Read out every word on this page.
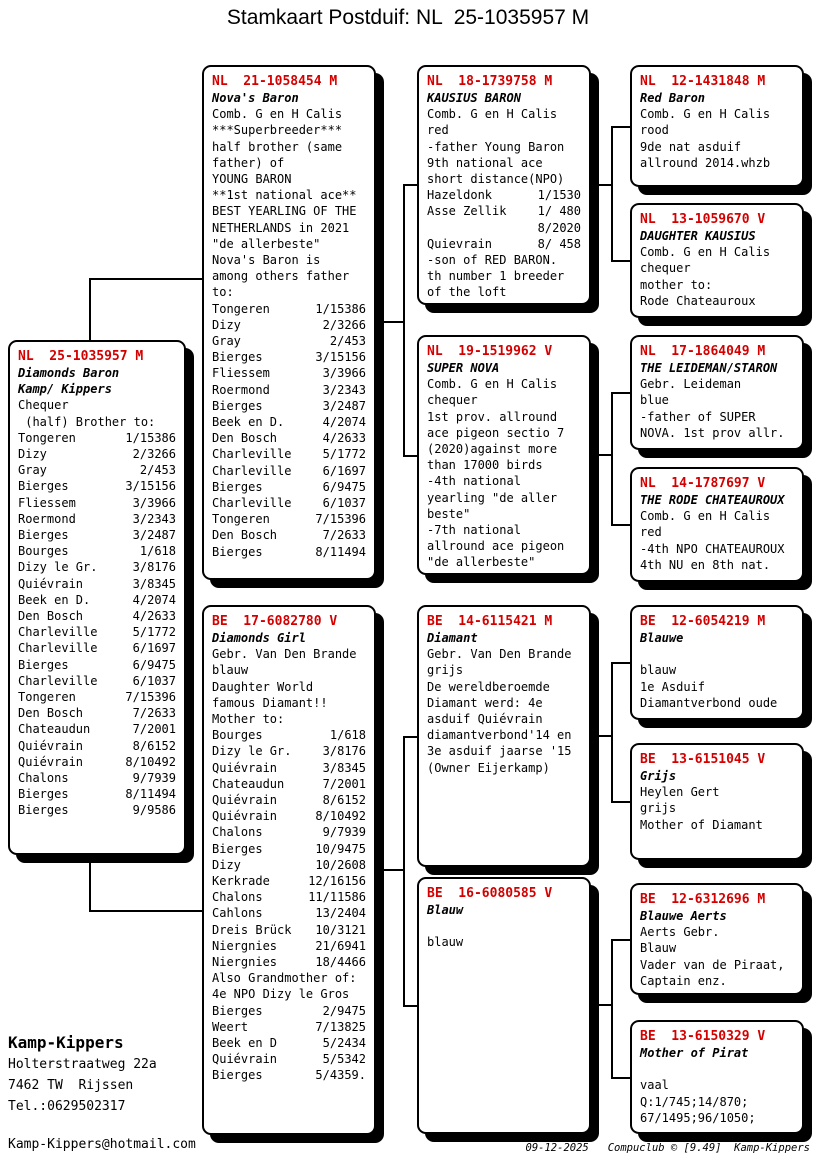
Stamkaart Postduif: NL  25-1035957 M
NL  25-1035957 M
Diamonds Baron
Kamp/ Kippers
Chequer
(half) Brother to:
Tongeren	1/15386
Dizy	2/3266
Gray	2/453
Bierges	3/15156
Fliessem	3/3966
Roermond	3/2343
Bierges	3/2487
Bourges	1/618
Dizy le Gr.	3/8176
Quiévrain	3/8345
Beek en D.	4/2074
Den Bosch	4/2633
Charleville	5/1772
Charleville	6/1697
Bierges	6/9475
Charleville	6/1037
Tongeren	7/15396
Den Bosch	7/2633
Chateaudun	7/2001
Quiévrain	8/6152
Quiévrain	8/10492
Chalons	9/7939
Bierges	8/11494
Bierges	9/9586
NL  21-1058454 M
Nova's Baron
Comb. G en H Calis
***Superbreeder***
half brother (same
father) of
YOUNG BARON
**1st national ace**
BEST YEARLING OF THE
NETHERLANDS in 2021
"de allerbeste"
Nova's Baron is
among others father
to:
Tongeren	1/15386
Dizy	2/3266
Gray	2/453
Bierges	3/15156
Fliessem	3/3966
Roermond	3/2343
Bierges	3/2487
Beek en D.	4/2074
Den Bosch	4/2633
Charleville	5/1772
Charleville	6/1697
Bierges	6/9475
Charleville	6/1037
Tongeren	7/15396
Den Bosch	7/2633
Bierges	8/11494
BE  17-6082780 V
Diamonds Girl
Gebr. Van Den Brande
blauw
Daughter World
famous Diamant!!
Mother to:
Bourges	1/618
Dizy le Gr.	3/8176
Quiévrain	3/8345
Chateaudun	7/2001
Quiévrain	8/6152
Quiévrain	8/10492
Chalons	9/7939
Bierges	10/9475
Dizy	10/2608
Kerkrade	12/16156
Chalons	11/11586
Cahlons	13/2404
Dreis Brück 10/3121
Niergnies	21/6941
Niergnies	18/4466
Also Grandmother of:
4e NPO Dizy le Gros
Bierges	2/9475
Weert	7/13825
Beek en D	5/2434
Quiévrain	5/5342
Bierges	5/4359.
NL  18-1739758 M
KAUSIUS BARON
Comb. G en H Calis
red
-father Young Baron
9th national ace
short distance(NPO)
Hazeldonk	1/1530
Asse Zellik	1/ 480
8/2020
Quievrain	8/ 458
-son of RED BARON.
th number 1 breeder
of the loft
NL  19-1519962 V
SUPER NOVA
Comb. G en H Calis
chequer
1st prov. allround
ace pigeon sectio 7
(2020)against more
than 17000 birds
-4th national
yearling "de aller
beste"
-7th national
allround ace pigeon
"de allerbeste"
BE  14-6115421 M
Diamant
Gebr. Van Den Brande
grijs
De wereldberoemde
Diamant werd: 4e
asduif Quiévrain
diamantverbond'14 en
3e asduif jaarse '15
(Owner Eijerkamp)
BE  16-6080585 V
Blauw

blauw
NL  12-1431848 M
Red Baron
Comb. G en H Calis
rood
9de nat asduif
allround 2014.whzb
NL  13-1059670 V
DAUGHTER KAUSIUS
Comb. G en H Calis
chequer
mother to:
Rode Chateauroux
NL  17-1864049 M
THE LEIDEMAN/STARON
Gebr. Leideman
blue
-father of SUPER
NOVA. 1st prov allr.
NL  14-1787697 V
THE RODE CHATEAUROUX
Comb. G en H Calis
red
-4th NPO CHATEAUROUX
4th NU en 8th nat.
BE  12-6054219 M
Blauwe

blauw
1e Asduif
Diamantverbond oude
BE  13-6151045 V
Grijs
Heylen Gert
grijs
Mother of Diamant
BE  12-6312696 M
Blauwe Aerts
Aerts Gebr.
Blauw
Vader van de Piraat,
Captain enz.
BE  13-6150329 V
Mother of Pirat

vaal
Q:1/745;14/870;
67/1495;96/1050;
Kamp-Kippers
Holterstraatweg 22a
7462 TW  Rijssen
Tel.:0629502317
Kamp-Kippers@hotmail.com	09-12-2025   Compuclub © [9.49]  Kamp-Kippers
